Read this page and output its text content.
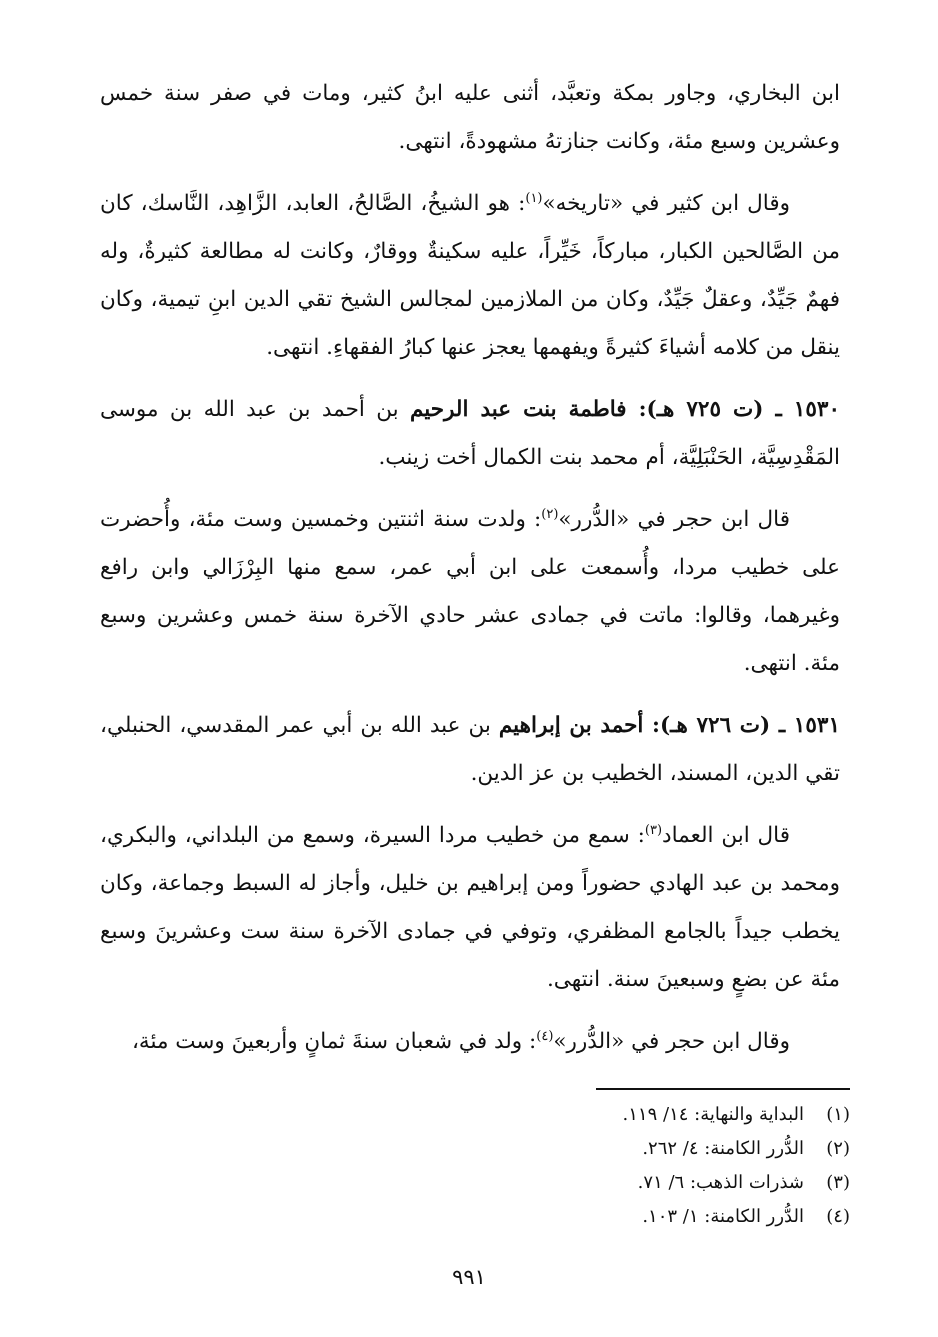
ابن البخاري، وجاور بمكة وتعبَّد، أثنى عليه ابنُ كثير، ومات في صفر سنة خمس وعشرين وسبع مئة، وكانت جنازتهُ مشهودةً، انتهى.

وقال ابن كثير في «تاريخه»$^{(١)}$: هو الشيخُ، الصَّالحُ، العابد، الزَّاهِد، النَّاسك، كان من الصَّالحين الكبار، مباركاً، خَيِّراً، عليه سكينةٌ ووقارٌ، وكانت له مطالعة كثيرةٌ، وله فهمٌ جَيِّدٌ، وعقلٌ جَيِّدٌ، وكان من الملازمين لمجالس الشيخ تقي الدين ابنِ تيمية، وكان ينقل من كلامه أشياءَ كثيرةً ويفهمها يعجز عنها كبارُ الفقهاءِ. انتهى.

١٥٣٠ ـ (ت ٧٢٥ هـ): فاطمة بنت عبد الرحيم بن أحمد بن عبد الله بن موسى المَقْدِسِيَّة، الحَنْبَلِيَّة، أم محمد بنت الكمال أخت زينب.

قال ابن حجر في «الدُّرر»$^{(٢)}$: ولدت سنة اثنتين وخمسين وست مئة، وأُحضرت على خطيب مردا، وأُسمعت على ابن أبي عمر، سمع منها البِرْزَالي وابن رافع وغيرهما، وقالوا: ماتت في جمادى عشر حادي الآخرة سنة خمس وعشرين وسبع مئة. انتهى.

١٥٣١ ـ (ت ٧٢٦ هـ): أحمد بن إبراهيم بن عبد الله بن أبي عمر المقدسي، الحنبلي، تقي الدين، المسند، الخطيب بن عز الدين.

قال ابن العماد$^{(٣)}$: سمع من خطيب مردا السيرة، وسمع من البلداني، والبكري، ومحمد بن عبد الهادي حضوراً ومن إبراهيم بن خليل، وأجاز له السبط وجماعة، وكان يخطب جيداً بالجامع المظفري، وتوفي في جمادى الآخرة سنة ست وعشرينَ وسبع مئة عن بضعٍ وسبعينَ سنة. انتهى.

وقال ابن حجر في «الدُّرر»$^{(٤)}$: ولد في شعبان سنةَ ثمانٍ وأربعينَ وست مئة،

(١)
البداية والنهاية: ١٤/ ١١٩.
(٢)
الدُّرر الكامنة: ٤/ ٢٦٢.
(٣)
شذرات الذهب: ٦/ ٧١.
(٤)
الدُّرر الكامنة: ١/ ١٠٣.
٩٩١
